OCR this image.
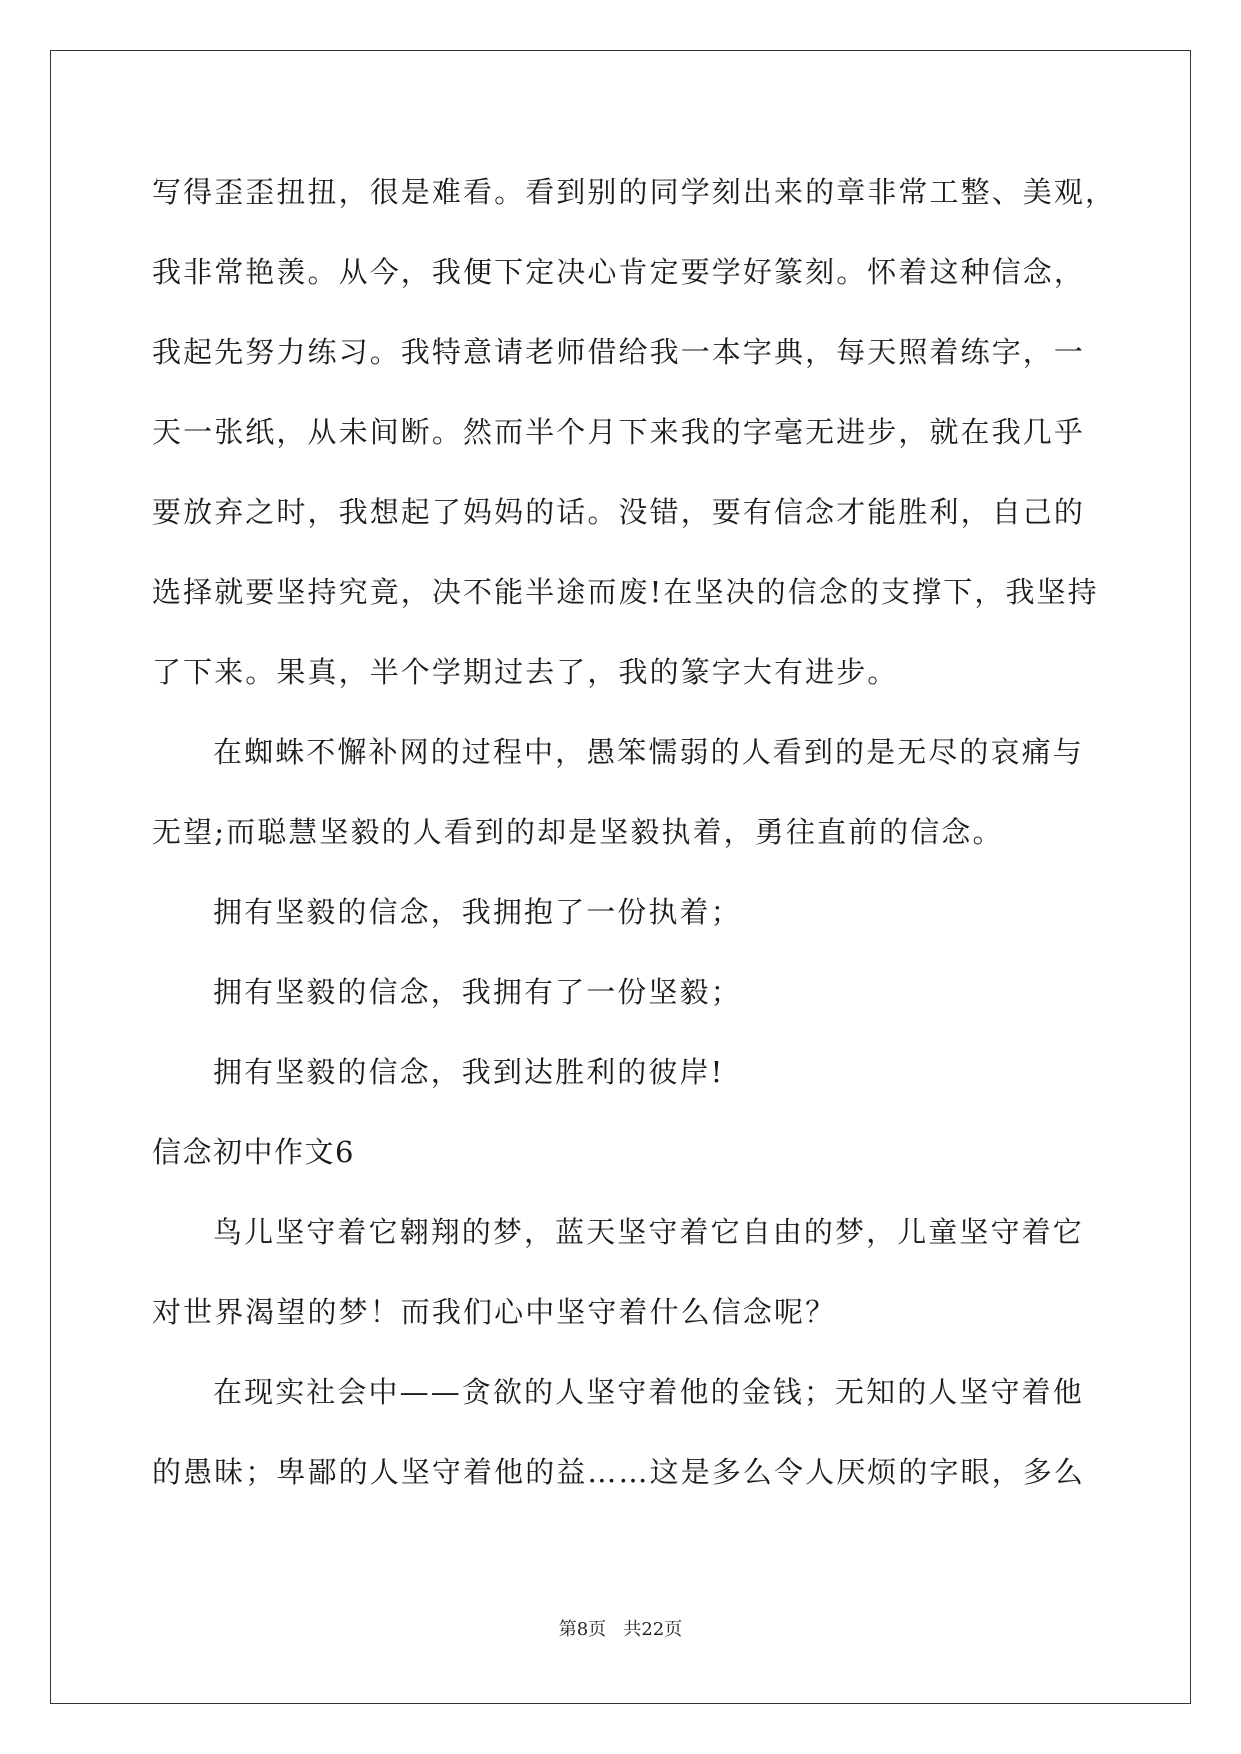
写得歪歪扭扭，很是难看。看到别的同学刻出来的章非常工整、美观，
我非常艳羡。从今，我便下定决心肯定要学好篆刻。怀着这种信念，
我起先努力练习。我特意请老师借给我一本字典，每天照着练字，一
天一张纸，从未间断。然而半个月下来我的字毫无进步，就在我几乎
要放弃之时，我想起了妈妈的话。没错，要有信念才能胜利，自己的
选择就要坚持究竟，决不能半途而废!在坚决的信念的支撑下，我坚持
了下来。果真，半个学期过去了，我的篆字大有进步。
在蜘蛛不懈补网的过程中，愚笨懦弱的人看到的是无尽的哀痛与
无望;而聪慧坚毅的人看到的却是坚毅执着，勇往直前的信念。
拥有坚毅的信念，我拥抱了一份执着；
拥有坚毅的信念，我拥有了一份坚毅；
拥有坚毅的信念，我到达胜利的彼岸!
信念初中作文6
鸟儿坚守着它翱翔的梦，蓝天坚守着它自由的梦，儿童坚守着它
对世界渴望的梦！而我们心中坚守着什么信念呢？
在现实社会中——贪欲的人坚守着他的金钱；无知的人坚守着他
的愚昧；卑鄙的人坚守着他的益……这是多么令人厌烦的字眼，多么
第8页 共22页
